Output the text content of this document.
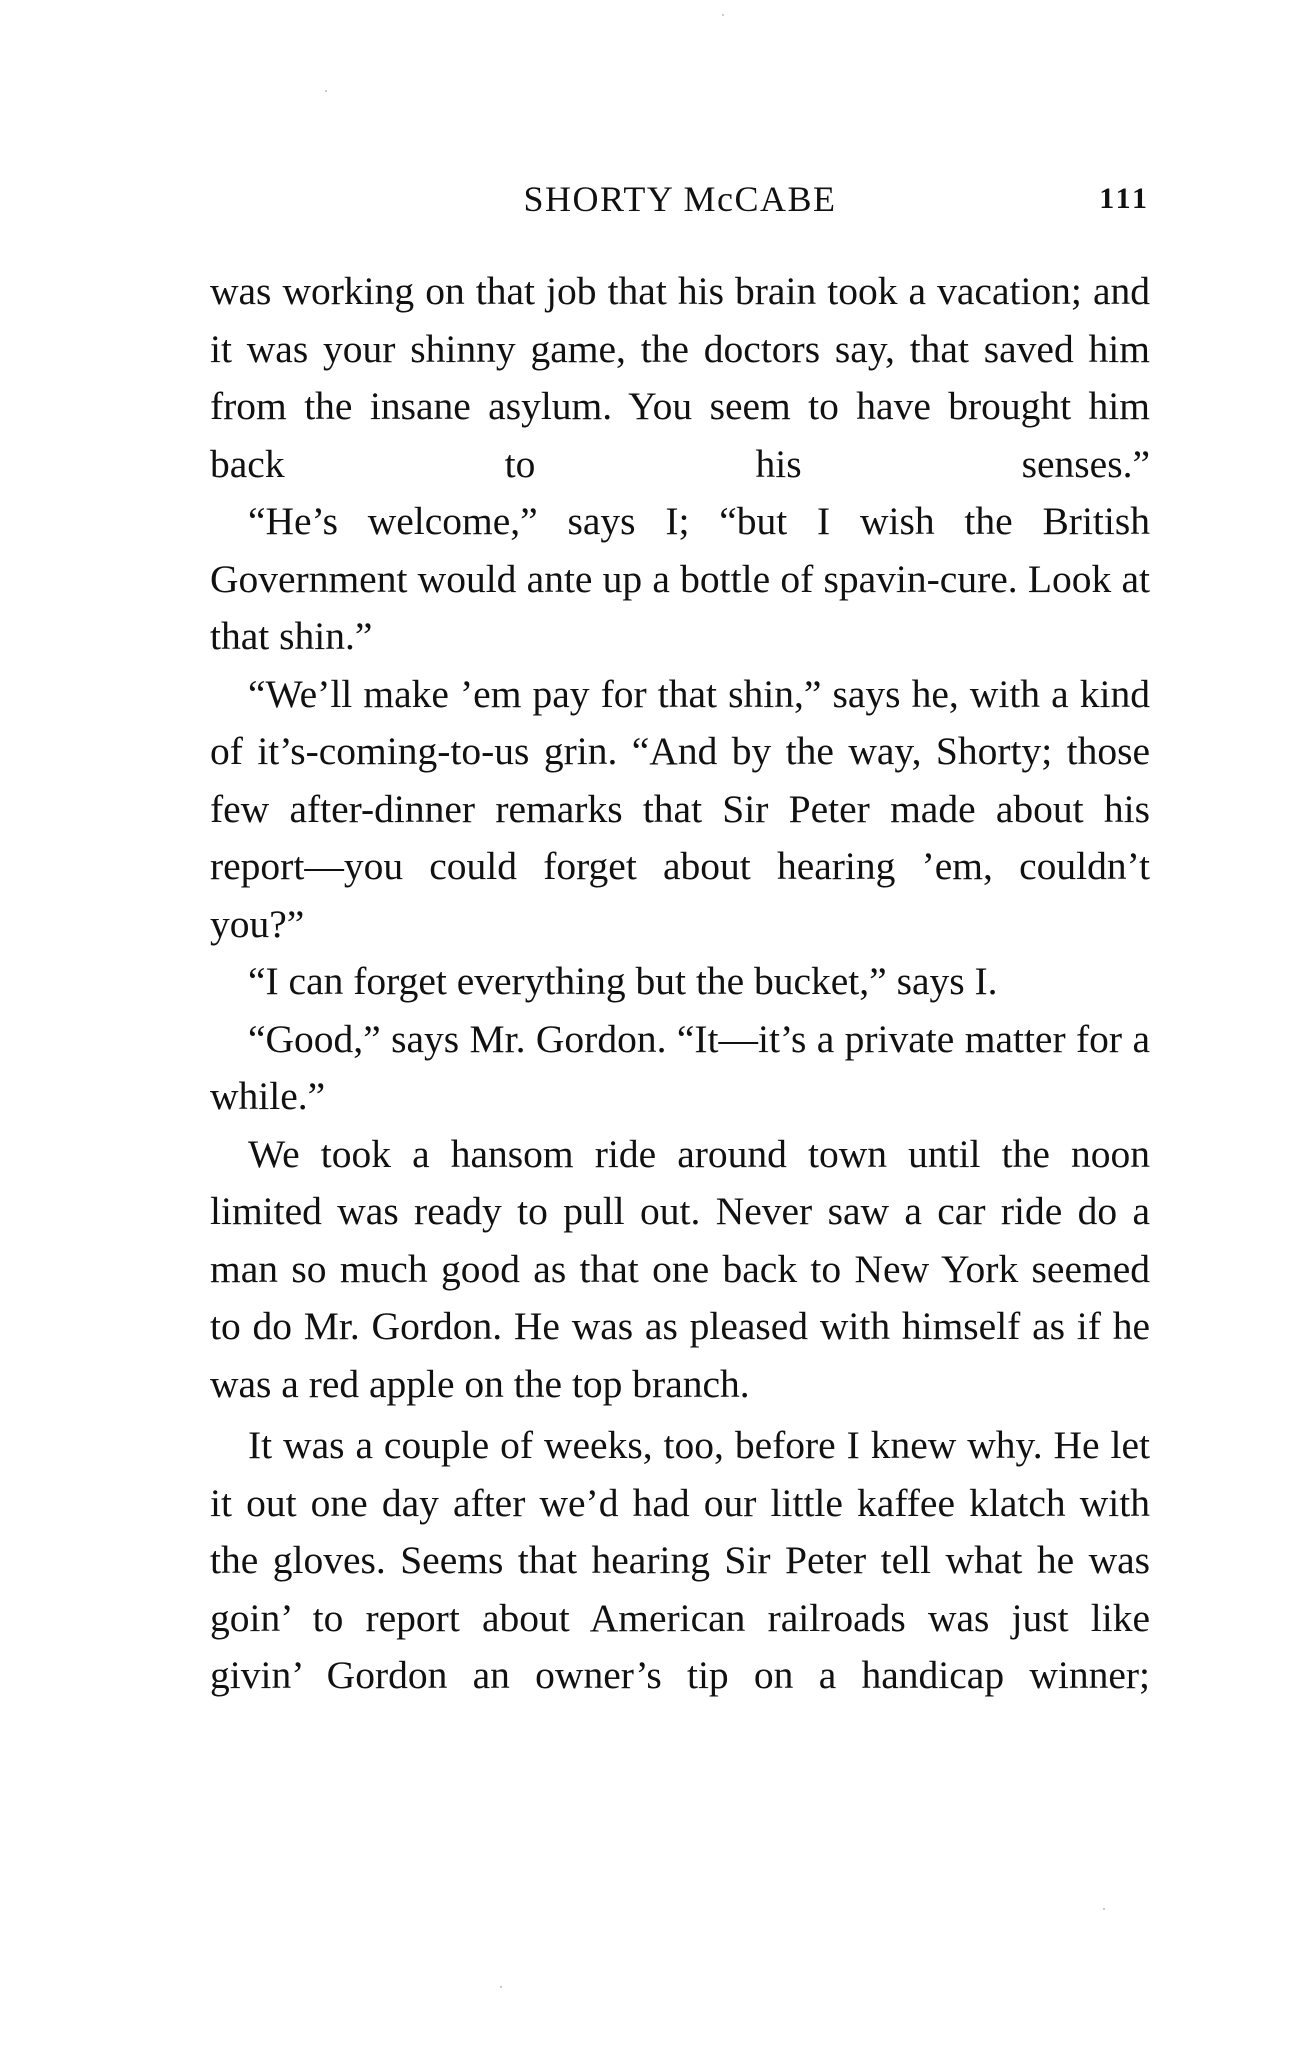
SHORTY McCABE	111

was working on that job that his brain took a vacation; and it was your shinny game, the doctors say, that saved him from the insane asylum. You seem to have brought him back to his senses.”

“He’s welcome,” says I; “but I wish the British Government would ante up a bottle of spavin-cure. Look at that shin.”

“We’ll make ’em pay for that shin,” says he, with a kind of it’s-coming-to-us grin. “And by the way, Shorty; those few after-dinner remarks that Sir Peter made about his report—you could forget about hearing ’em, couldn’t you?”

“I can forget everything but the bucket,” says I.

“Good,” says Mr. Gordon. “It—it’s a private matter for a while.”

We took a hansom ride around town until the noon limited was ready to pull out. Never saw a car ride do a man so much good as that one back to New York seemed to do Mr. Gordon. He was as pleased with himself as if he was a red apple on the top branch.

It was a couple of weeks, too, before I knew why. He let it out one day after we’d had our little kaffee klatch with the gloves. Seems that hearing Sir Peter tell what he was goin’ to report about American railroads was just like givin’ Gordon an owner’s tip on a handicap winner;
